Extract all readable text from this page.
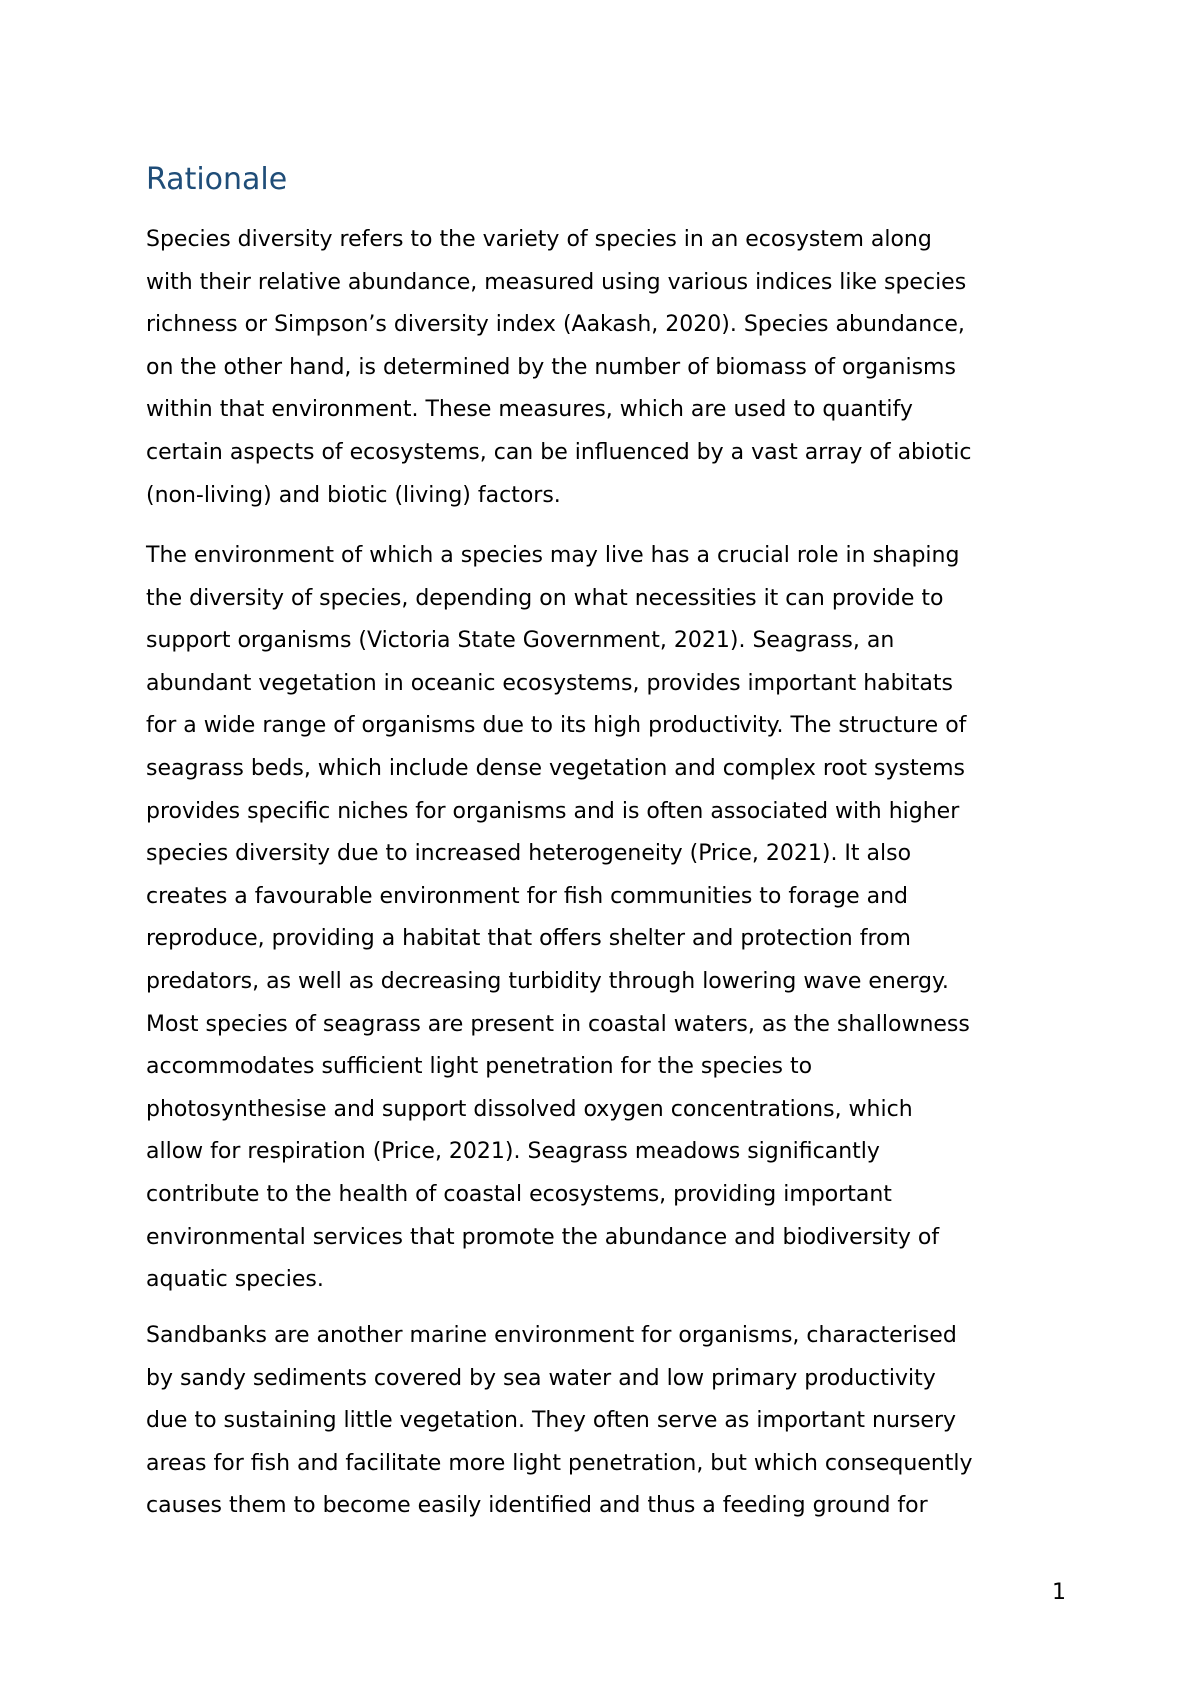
Rationale
Species diversity refers to the variety of species in an ecosystem along
with their relative abundance, measured using various indices like species
richness or Simpson’s diversity index (Aakash, 2020). Species abundance,
on the other hand, is determined by the number of biomass of organisms
within that environment. These measures, which are used to quantify
certain aspects of ecosystems, can be influenced by a vast array of abiotic
(non-living) and biotic (living) factors.
The environment of which a species may live has a crucial role in shaping
the diversity of species, depending on what necessities it can provide to
support organisms (Victoria State Government, 2021). Seagrass, an
abundant vegetation in oceanic ecosystems, provides important habitats
for a wide range of organisms due to its high productivity. The structure of
seagrass beds, which include dense vegetation and complex root systems
provides specific niches for organisms and is often associated with higher
species diversity due to increased heterogeneity (Price, 2021). It also
creates a favourable environment for fish communities to forage and
reproduce, providing a habitat that offers shelter and protection from
predators, as well as decreasing turbidity through lowering wave energy.
Most species of seagrass are present in coastal waters, as the shallowness
accommodates sufficient light penetration for the species to
photosynthesise and support dissolved oxygen concentrations, which
allow for respiration (Price, 2021). Seagrass meadows significantly
contribute to the health of coastal ecosystems, providing important
environmental services that promote the abundance and biodiversity of
aquatic species.
Sandbanks are another marine environment for organisms, characterised
by sandy sediments covered by sea water and low primary productivity
due to sustaining little vegetation. They often serve as important nursery
areas for fish and facilitate more light penetration, but which consequently
causes them to become easily identified and thus a feeding ground for
1
